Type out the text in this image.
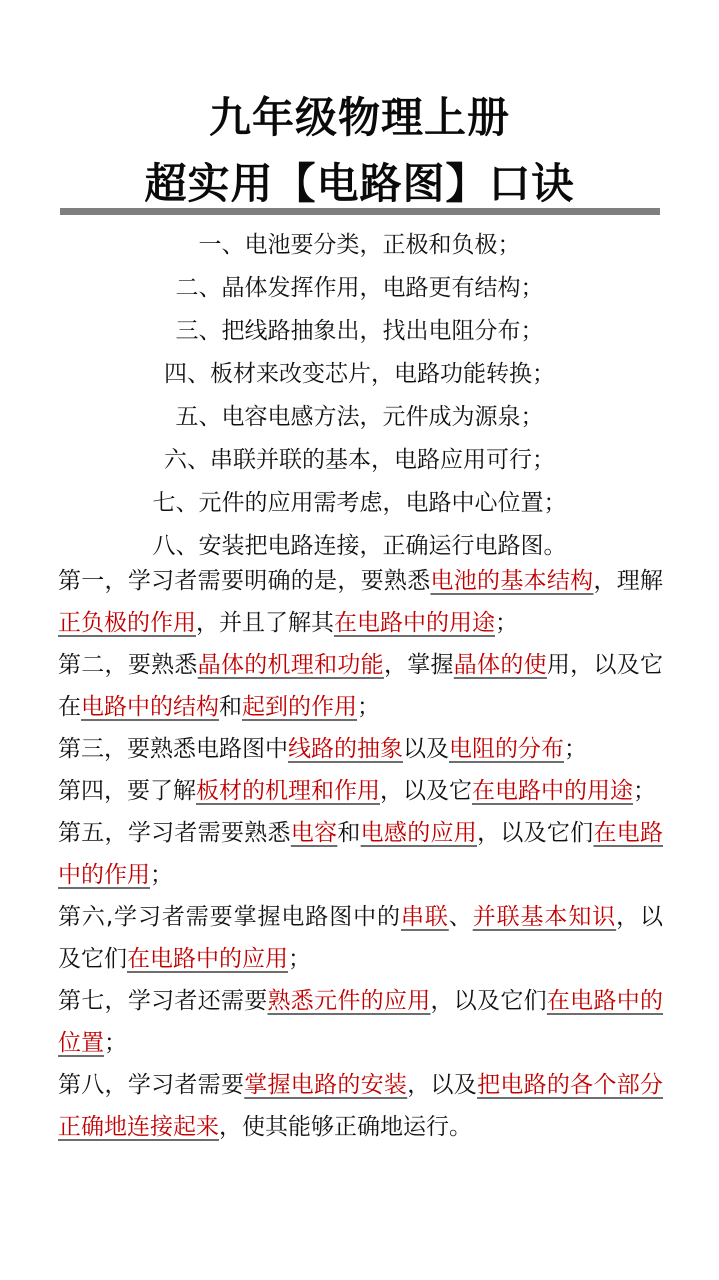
九年级物理上册
超实用【电路图】口诀
一、电池要分类，正极和负极；
二、晶体发挥作用，电路更有结构；
三、把线路抽象出，找出电阻分布；
四、板材来改变芯片，电路功能转换；
五、电容电感方法，元件成为源泉；
六、串联并联的基本，电路应用可行；
七、元件的应用需考虑，电路中心位置；
八、安装把电路连接，正确运行电路图。
第一，学习者需要明确的是，要熟悉电池的基本结构，理解正负极的作用，并且了解其在电路中的用途；
第二，要熟悉晶体的机理和功能，掌握晶体的使用，以及它在电路中的结构和起到的作用；
第三，要熟悉电路图中线路的抽象以及电阻的分布；
第四，要了解板材的机理和作用，以及它在电路中的用途；
第五，学习者需要熟悉电容和电感的应用，以及它们在电路中的作用；
第六,学习者需要掌握电路图中的串联、并联基本知识，以及它们在电路中的应用；
第七，学习者还需要熟悉元件的应用，以及它们在电路中的位置；
第八，学习者需要掌握电路的安装，以及把电路的各个部分正确地连接起来，使其能够正确地运行。
